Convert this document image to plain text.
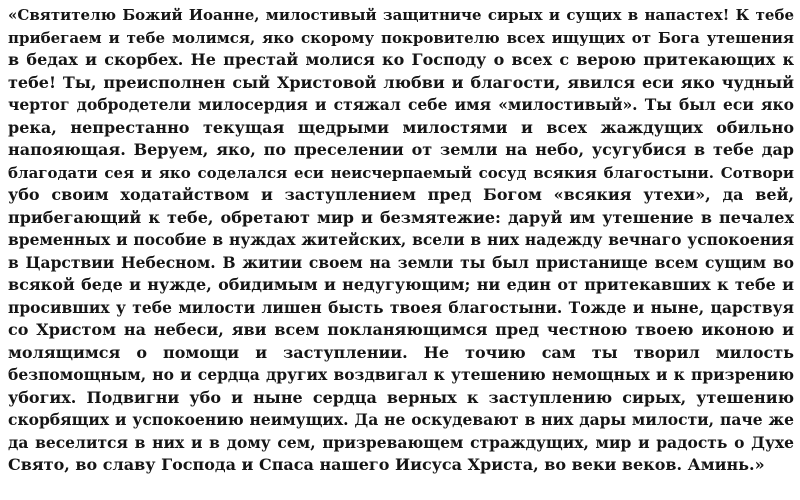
«Святителю Божий Иоанне, милостивый защитниче сирых и сущих в напастех! К тебе
прибегаем и тебе молимся, яко скорому покровителю всех ищущих от Бога утешения
в бедах и скорбех. Не престай молися ко Господу о всех с верою притекающих к
тебе! Ты, преисполнен сый Христовой любви и благости, явился еси яко чудный
чертог добродетели милосердия и стяжал себе имя «милостивый». Ты был еси яко
река, непрестанно текущая щедрыми милостями и всех жаждущих обильно
напояющая. Веруем, яко, по преселении от земли на небо, усугубися в тебе дар
благодати сея и яко соделался еси неисчерпаемый сосуд всякия благостыни. Сотвори
убо своим ходатайством и заступлением пред Богом «всякия утехи», да вей,
прибегающий к тебе, обретают мир и безмятежие: даруй им утешение в печалех
временных и пособие в нуждах житейских, всели в них надежду вечнаго успокоения
в Царствии Небесном. В житии своем на земли ты был пристанище всем сущим во
всякой беде и нужде, обидимым и недугующим; ни един от притекавших к тебе и
просивших у тебе милости лишен бысть твоея благостыни. Тожде и ныне, царствуя
со Христом на небеси, яви всем покланяющимся пред честною твоею иконою и
молящимся о помощи и заступлении. Не точию сам ты творил милость
безпомощным, но и сердца других воздвигал к утешению немощных и к призрению
убогих. Подвигни убо и ныне сердца верных к заступлению сирых, утешению
скорбящих и успокоению неимущих. Да не оскудевают в них дары милости, паче же
да веселится в них и в дому сем, призревающем страждущих, мир и радость о Духе
Свято, во славу Господа и Спаса нашего Иисуса Христа, во веки веков. Аминь.»
